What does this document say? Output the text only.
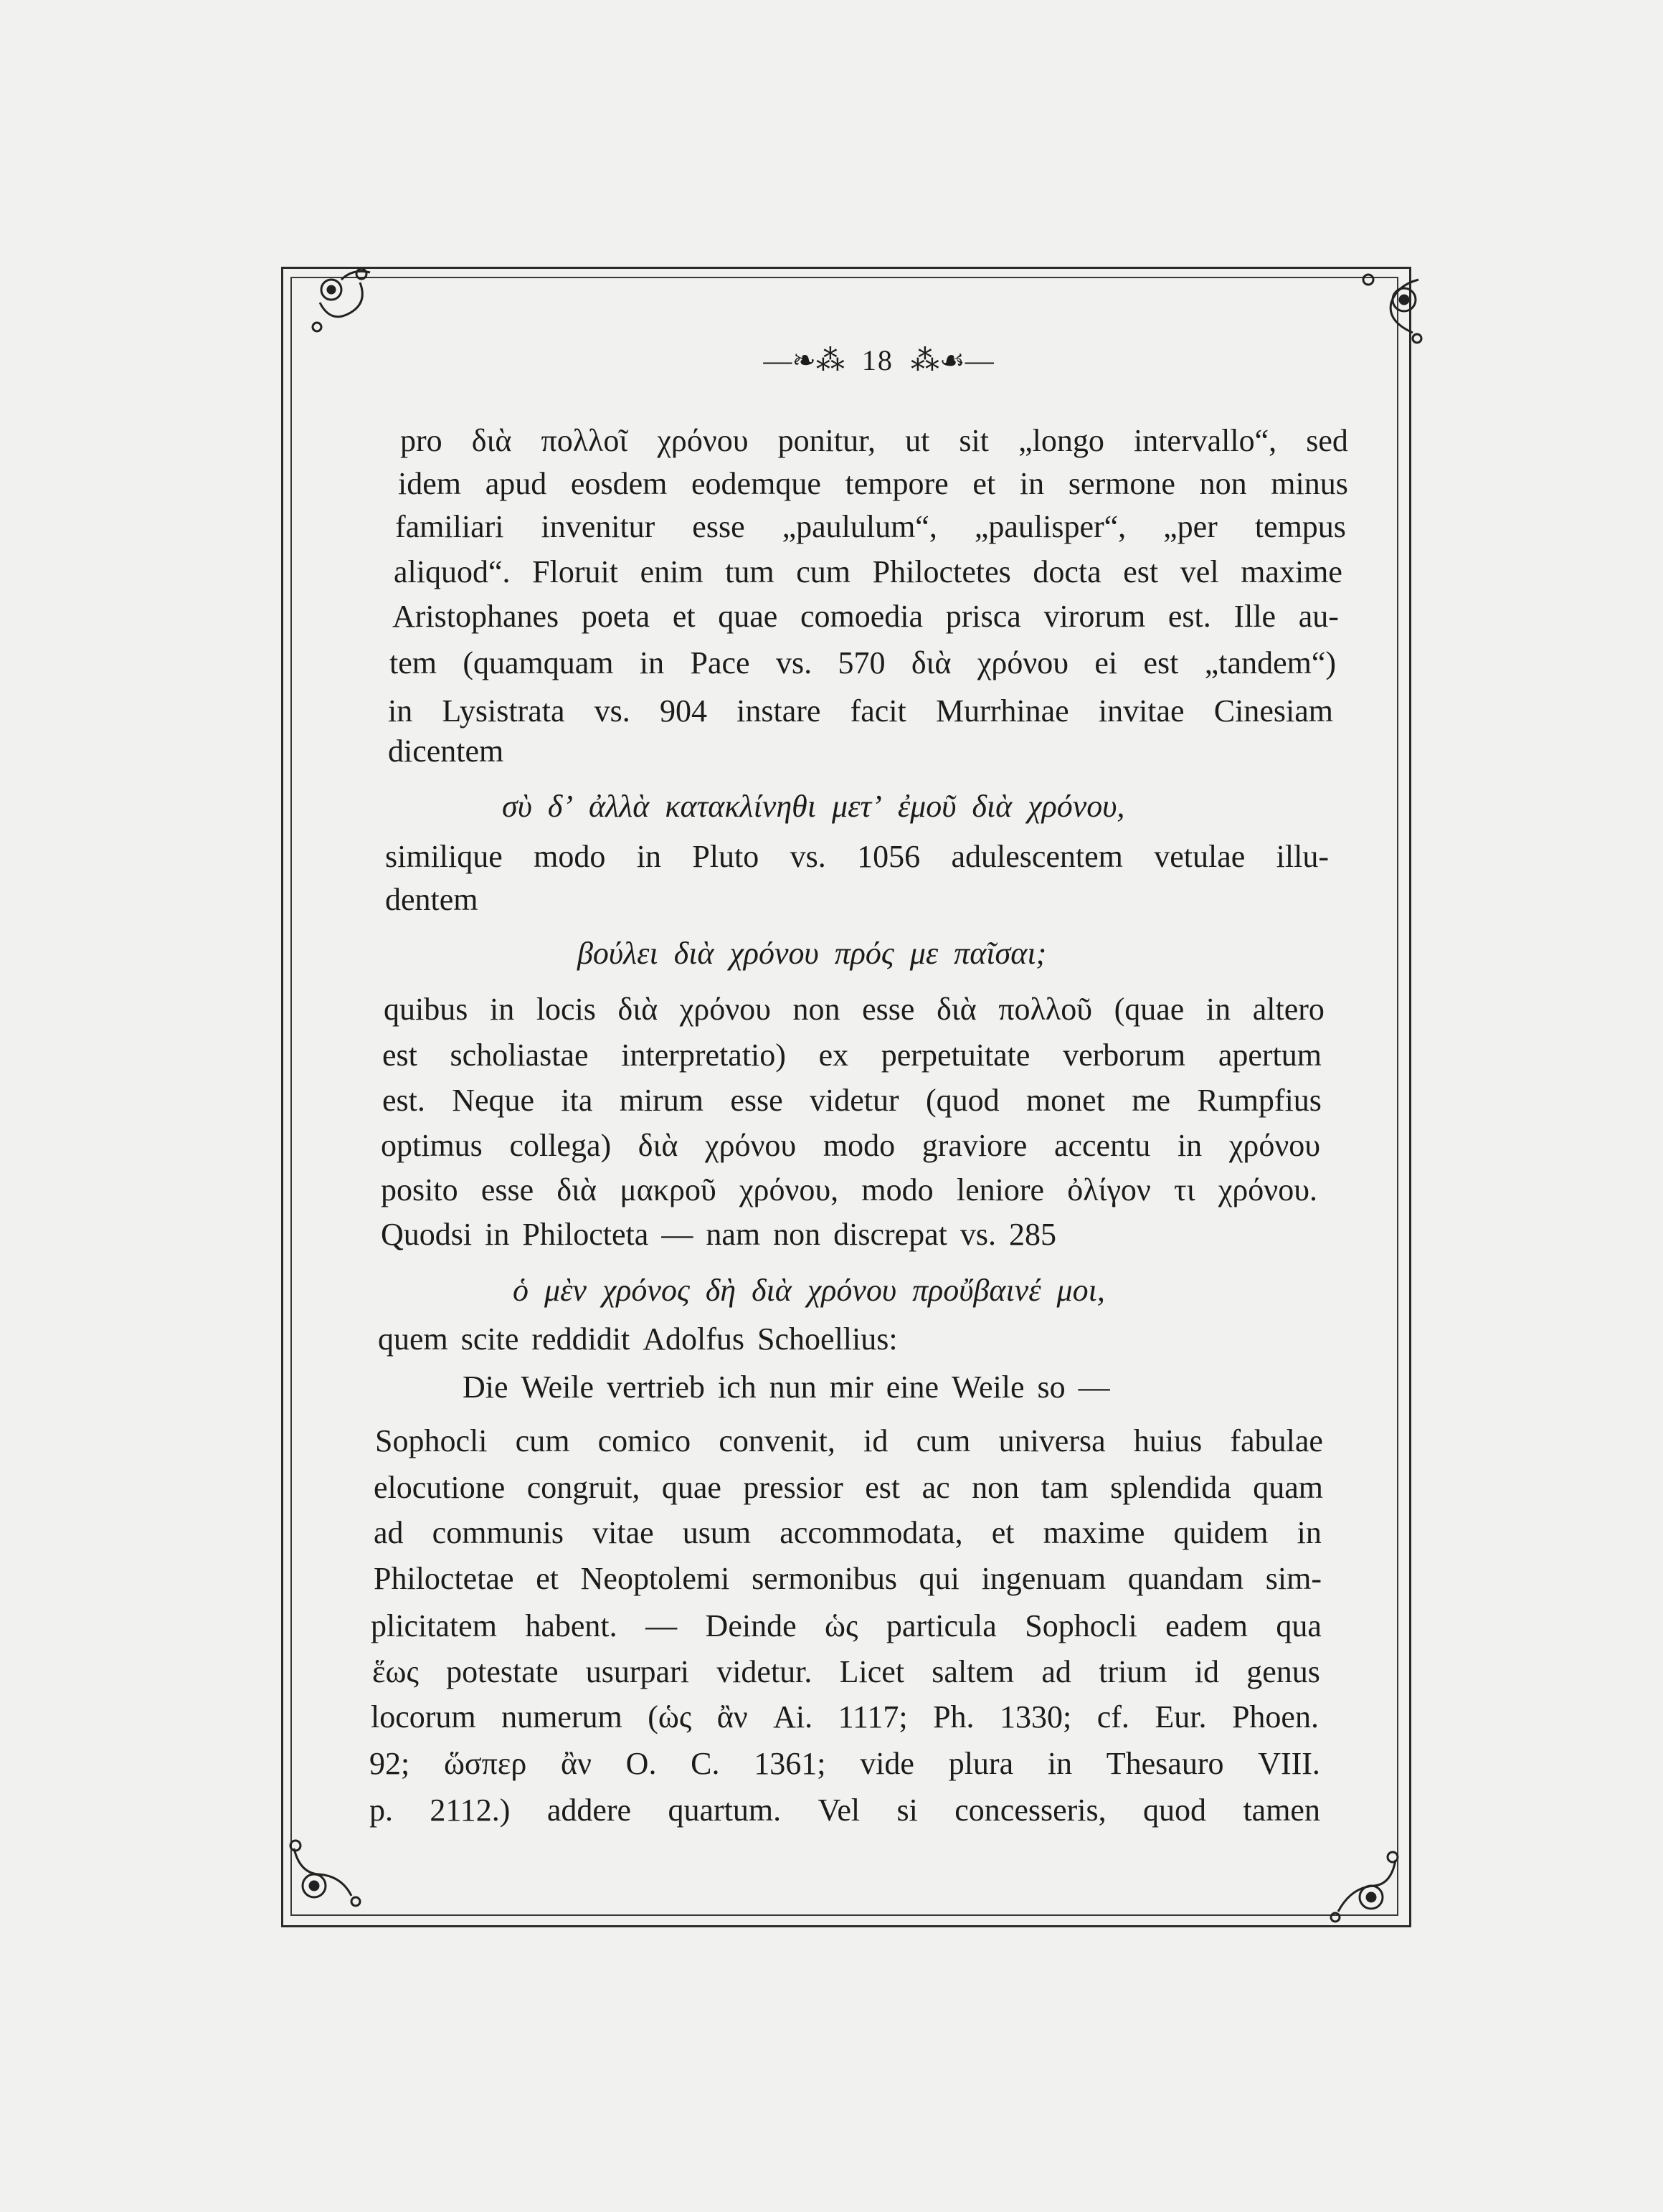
—❧⁂ 18 ⁂☙—
pro διὰ πολλοῖ χρόνου ponitur, ut sit „longo intervallo“, sed
idem apud eosdem eodemque tempore et in sermone non minus
familiari invenitur esse „paululum“, „paulisper“, „per tempus
aliquod“. Floruit enim tum cum Philoctetes docta est vel maxime
Aristophanes poeta et quae comoedia prisca virorum est. Ille au-
tem (quamquam in Pace vs. 570 διὰ χρόνου ei est „tandem“)
in Lysistrata vs. 904 instare facit Murrhinae invitae Cinesiam
dicentem
σὺ δ’ ἀλλὰ κατακλίνηθι μετ’ ἐμοῦ διὰ χρόνου,
similique modo in Pluto vs. 1056 adulescentem vetulae illu-
dentem
βούλει διὰ χρόνου πρός με παῖσαι;
quibus in locis διὰ χρόνου non esse διὰ πολλοῦ (quae in altero
est scholiastae interpretatio) ex perpetuitate verborum apertum
est. Neque ita mirum esse videtur (quod monet me Rumpfius
optimus collega) διὰ χρόνου modo graviore accentu in χρόνου
posito esse διὰ μακροῦ χρόνου, modo leniore ὀλίγον τι χρόνου.
Quodsi in Philocteta — nam non discrepat vs. 285
ὁ μὲν χρόνος δὴ διὰ χρόνου προὔβαινέ μοι,
quem scite reddidit Adolfus Schoellius:
Die Weile vertrieb ich nun mir eine Weile so —
Sophocli cum comico convenit, id cum universa huius fabulae
elocutione congruit, quae pressior est ac non tam splendida quam
ad communis vitae usum accommodata, et maxime quidem in
Philoctetae et Neoptolemi sermonibus qui ingenuam quandam sim-
plicitatem habent. — Deinde ὡς particula Sophocli eadem qua
ἕως potestate usurpari videtur. Licet saltem ad trium id genus
locorum numerum (ὡς ἂν Ai. 1117; Ph. 1330; cf. Eur. Phoen.
92; ὥσπερ ἂν O. C. 1361; vide plura in Thesauro VIII.
p. 2112.) addere quartum. Vel si concesseris, quod tamen
